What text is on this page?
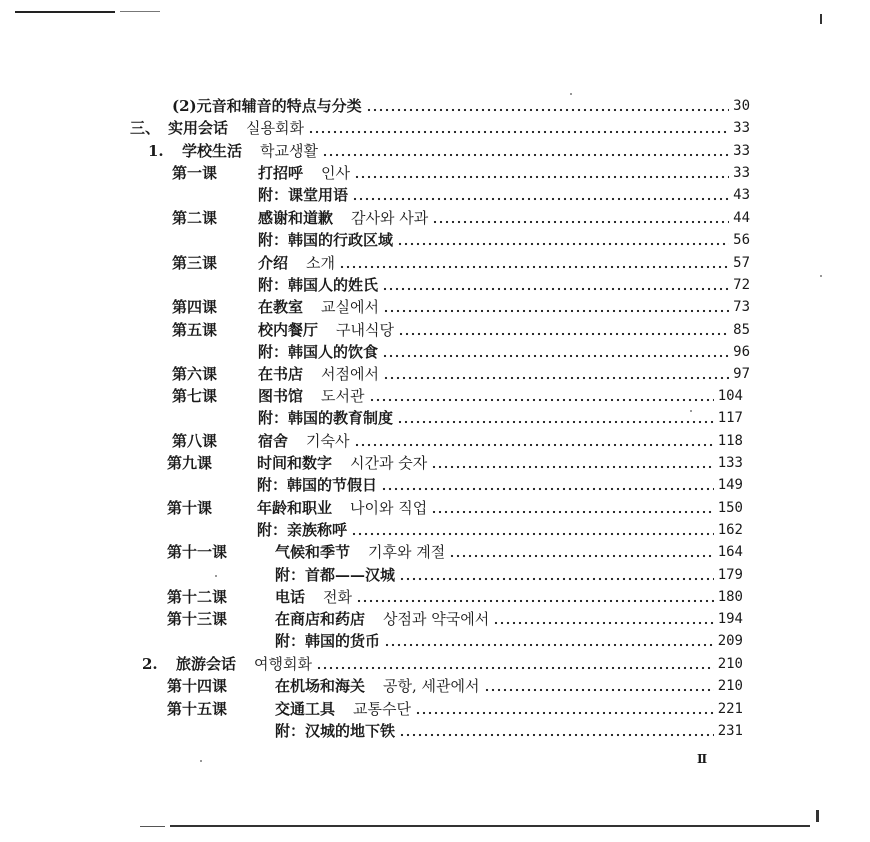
(2)元音和辅音的特点与分类	30
三、 实用会话 실용회화	33
1.	学校生活 학교생활	33
第一课	打招呼 인사	33
附：课堂用语	43
第二课	感谢和道歉 감사와 사과	44
附：韩国的行政区域	56
第三课	介绍 소개	57
附：韩国人的姓氏	72
第四课	在教室 교실에서	73
第五课	校内餐厅 구내식당	85
附：韩国人的饮食	96
第六课	在书店 서점에서	97
第七课	图书馆 도서관	104
附：韩国的教育制度	117
第八课	宿舍 기숙사	118
第九课	时间和数字 시간과 숫자	133
附：韩国的节假日	149
第十课	年龄和职业 나이와 직업	150
附：亲族称呼	162
第十一课	气候和季节 기후와 계절	164
附：首都——汉城	179
第十二课	电话 전화	180
第十三课	在商店和药店 상점과 약국에서	194
附：韩国的货币	209
2.	旅游会话 여행회화	210
第十四课	在机场和海关 공항, 세관에서	210
第十五课	交通工具 교통수단	221
附：汉城的地下铁	231
Ⅱ
